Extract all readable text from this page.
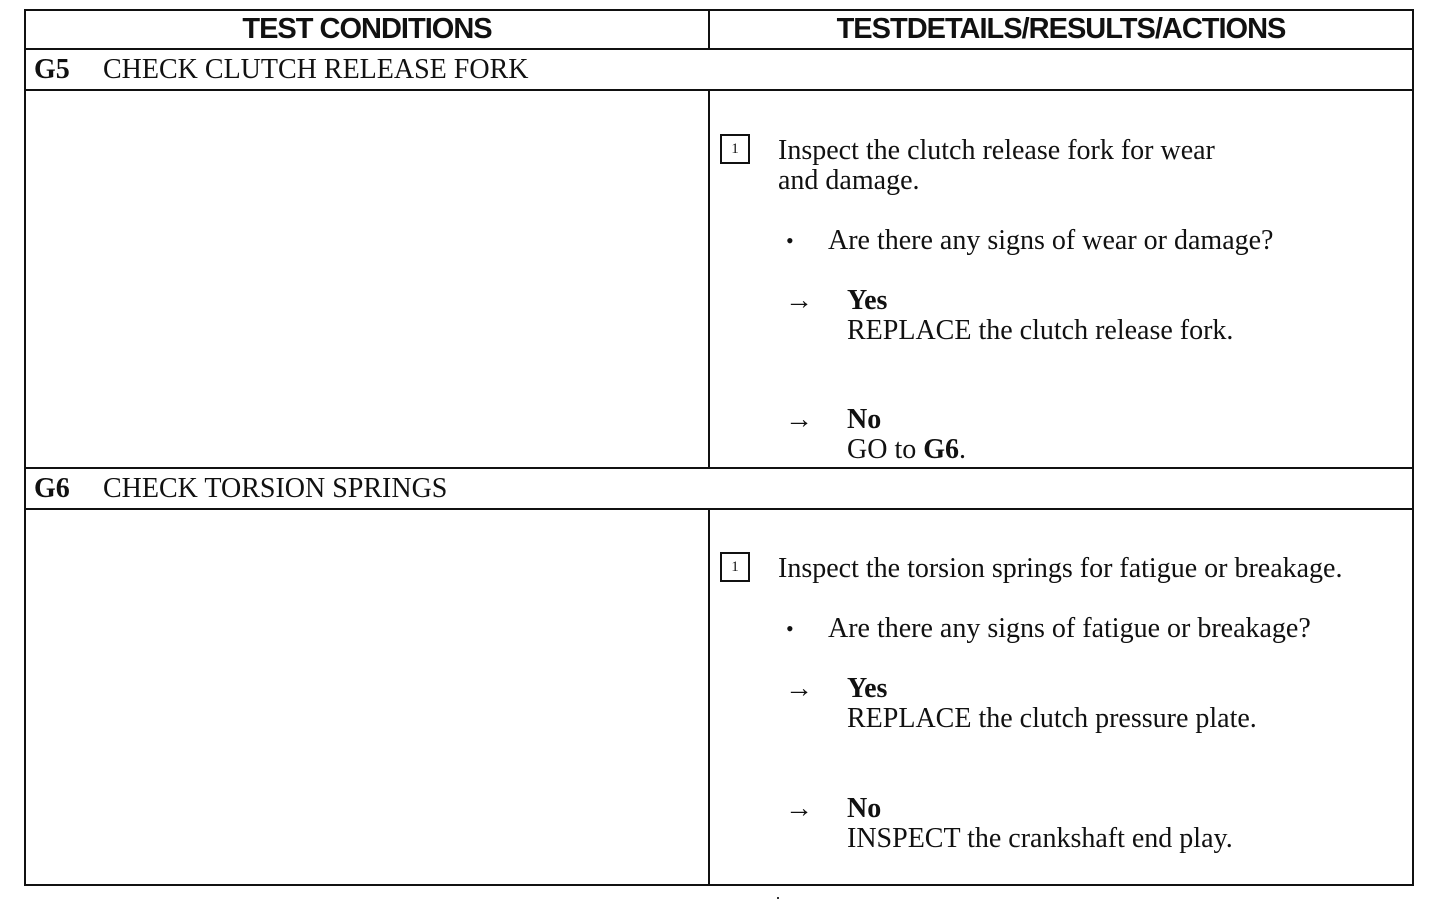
TEST CONDITIONS	TESTDETAILS/RESULTS/ACTIONS
G5 CHECK CLUTCH RELEASE FORK
1	Inspect the clutch release fork for wear
and damage.
• Are there any signs of wear or damage?
→ Yes
REPLACE the clutch release fork.
→ No
GO to G6.
G6 CHECK TORSION SPRINGS
1	Inspect the torsion springs for fatigue or breakage.
• Are there any signs of fatigue or breakage?
→ Yes
REPLACE the clutch pressure plate.
→ No
INSPECT the crankshaft end play.
